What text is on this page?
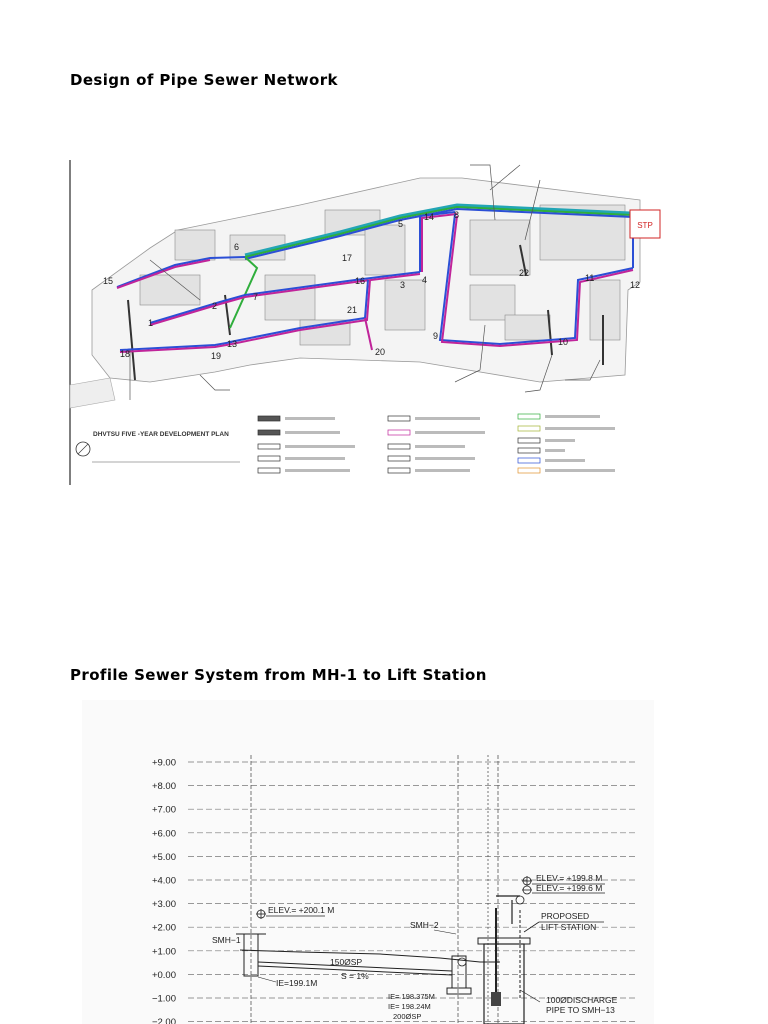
Design of Pipe Sewer Network
STP
1
2
3 4
5
6
7
8
9
10
11
12
13
14
15	16
17
18	19	20
21
22
DHVTSU FIVE -YEAR DEVELOPMENT PLAN
Profile Sewer System from MH-1 to Lift Station
+9.00
+8.00
+7.00
+6.00
+5.00
+4.00
+3.00
+2.00
+1.00
+0.00
−1.00
−2.00
ELEV.= +200.1 M
SMH−1
IE=199.1M
150ØSP
S = 1%
SMH−2
IE= 198.375M
IE= 198.24M
200ØSP
ELEV.= +199.8 M
ELEV.= +199.6 M
PROPOSED
LIFT STATION
100ØDISCHARGE
PIPE TO SMH−13
